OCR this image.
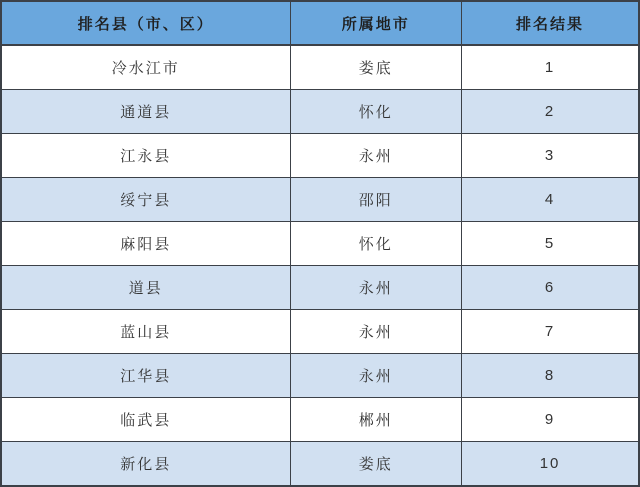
排名县（市、区）	所属地市	排名结果
冷水江市	娄底	1
通道县	怀化	2
江永县	永州	3
绥宁县	邵阳	4
麻阳县	怀化	5
道县	永州	6
蓝山县	永州	7
江华县	永州	8
临武县	郴州	9
新化县	娄底	10
